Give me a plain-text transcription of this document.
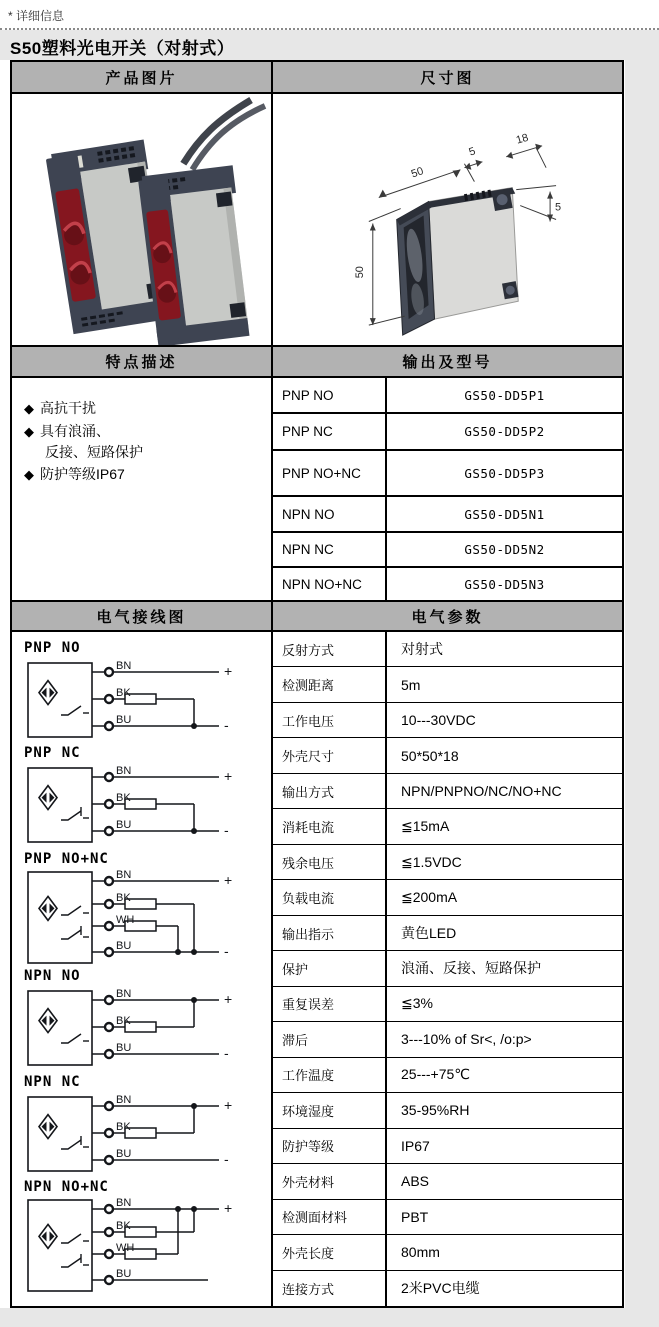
* 详细信息
S50塑料光电开关（对射式）
产品图片	尺寸图
50
5
18
5
50
特点描述	输出及型号
◆ 高抗干扰
◆ 具有浪涌、
反接、短路保护
◆ 防护等级IP67
PNP NO	GS50-DD5P1
PNP NC	GS50-DD5P2
PNP NO+NC	GS50-DD5P3
NPN NO	GS50-DD5N1
NPN NC	GS50-DD5N2
NPN NO+NC	GS50-DD5N3
电气接线图	电气参数
PNP NO
BN	+
BK
BU	-
PNP NC
BN	+
BK
BU	-
PNP NO+NC
BN	+
BK
WH
BU	-
NPN NO
BN	+
BK
BU	-
NPN NC
BN	+
BK
BU	-
NPN NO+NC
BN	+
BK
WH
BU
反射方式	对射式
检测距离	5m
工作电压	10---30VDC
外壳尺寸	50*50*18
输出方式	NPN/PNPNO/NC/NO+NC
消耗电流	≦15mA
残余电压	≦1.5VDC
负载电流	≦200mA
输出指示	黄色LED
保护	浪涌、反接、短路保护
重复误差	≦3%
滞后	3---10% of Sr<, /o:p>
工作温度	25---+75℃
环境湿度	35-95%RH
防护等级	IP67
外壳材料	ABS
检测面材料	PBT
外壳长度	80mm
连接方式	2米PVC电缆
